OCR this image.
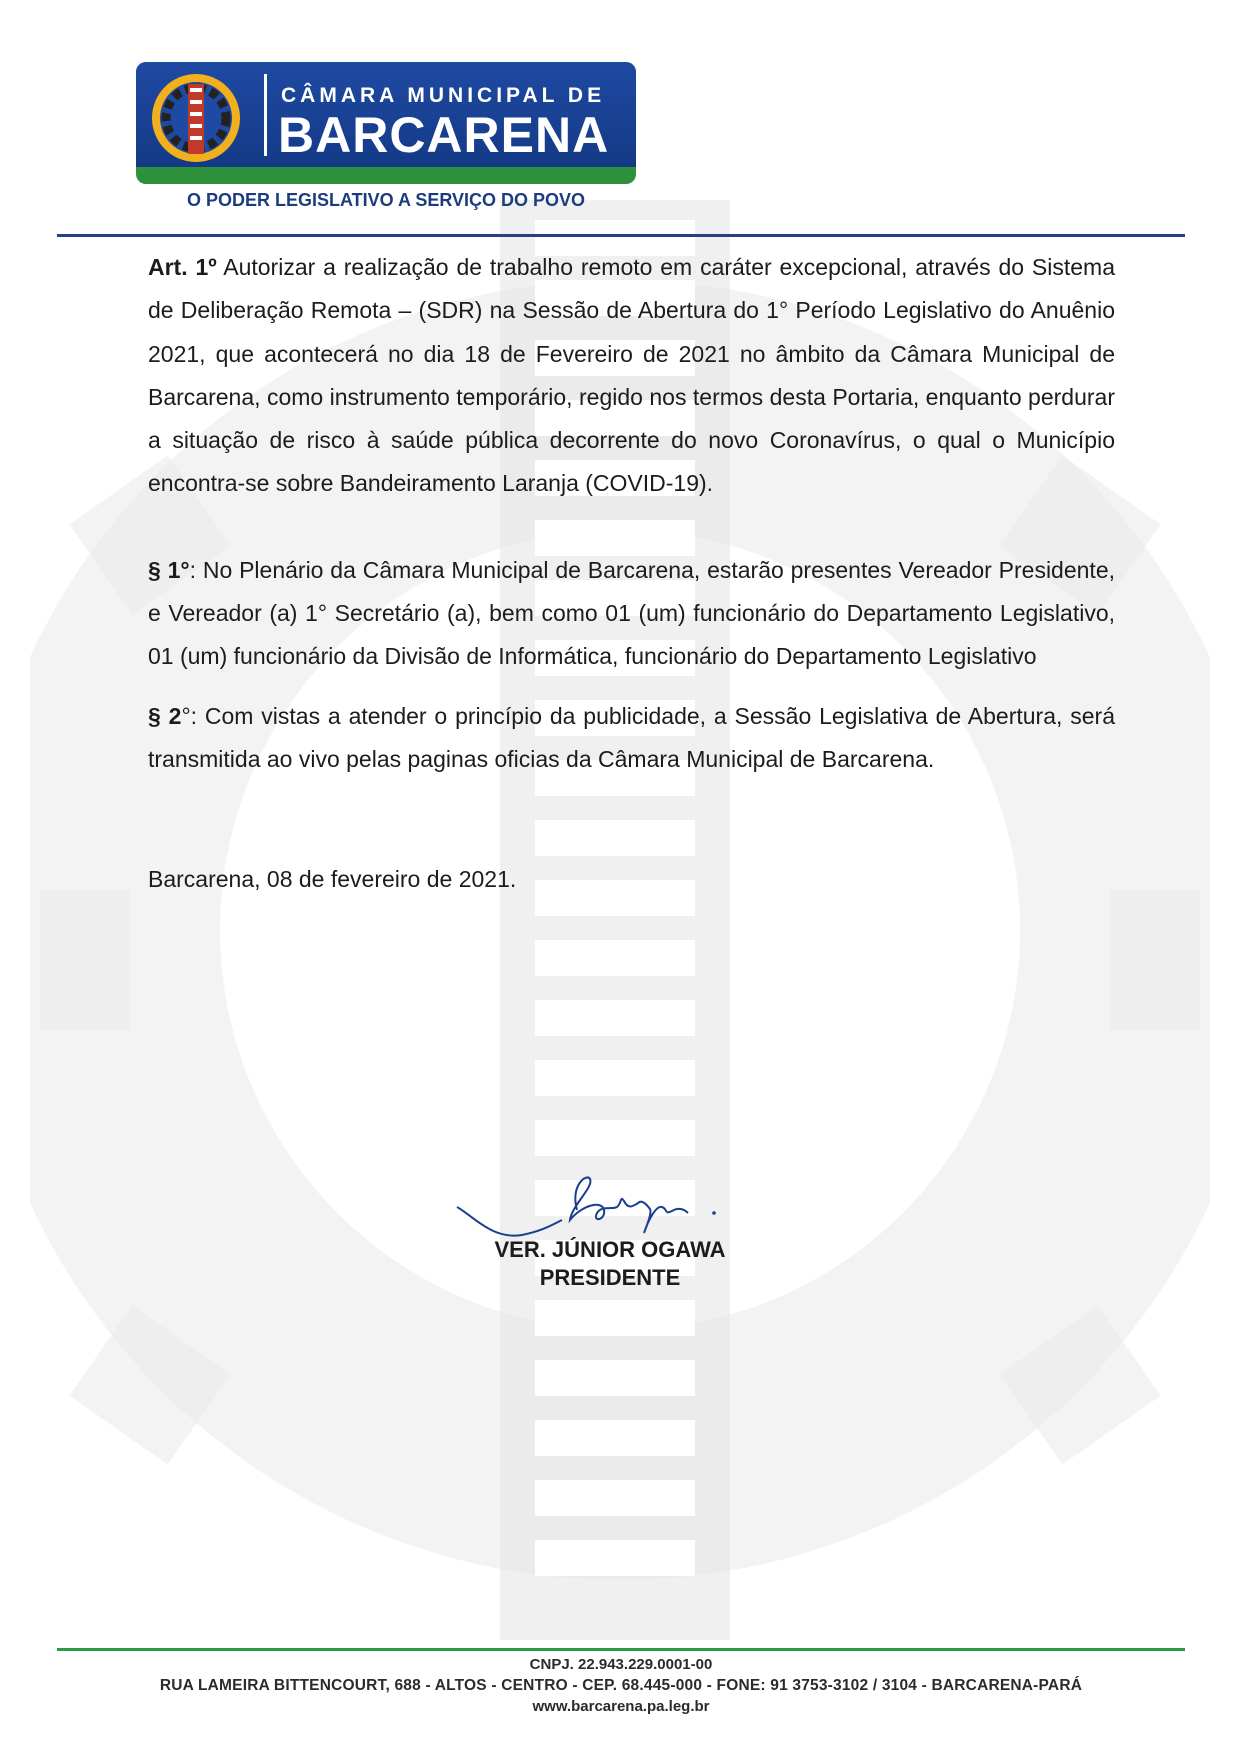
CÂMARA MUNICIPAL DE
BARCARENA
O PODER LEGISLATIVO A SERVIÇO DO POVO

Art. 1º Autorizar a realização de trabalho remoto em caráter excepcional, através do Sistema de Deliberação Remota – (SDR) na Sessão de Abertura do 1° Período Legislativo do Anuênio 2021, que acontecerá no dia 18 de Fevereiro de 2021 no âmbito da Câmara Municipal de Barcarena, como instrumento temporário, regido nos termos desta Portaria, enquanto perdurar a situação de risco à saúde pública decorrente do novo Coronavírus, o qual o Município encontra-se sobre Bandeiramento Laranja (COVID-19).

§ 1°: No Plenário da Câmara Municipal de Barcarena, estarão presentes Vereador Presidente, e Vereador (a) 1° Secretário (a), bem como 01 (um) funcionário do Departamento Legislativo, 01 (um) funcionário da Divisão de Informática, funcionário do Departamento Legislativo

§ 2°: Com vistas a atender o princípio da publicidade, a Sessão Legislativa de Abertura, será transmitida ao vivo pelas paginas oficias da Câmara Municipal de Barcarena.

Barcarena, 08 de fevereiro de 2021.

VER. JÚNIOR OGAWA
PRESIDENTE
CNPJ. 22.943.229.0001-00
RUA LAMEIRA BITTENCOURT, 688 - ALTOS - CENTRO - CEP. 68.445-000 - FONE: 91 3753-3102 / 3104 - BARCARENA-PARÁ
www.barcarena.pa.leg.br
